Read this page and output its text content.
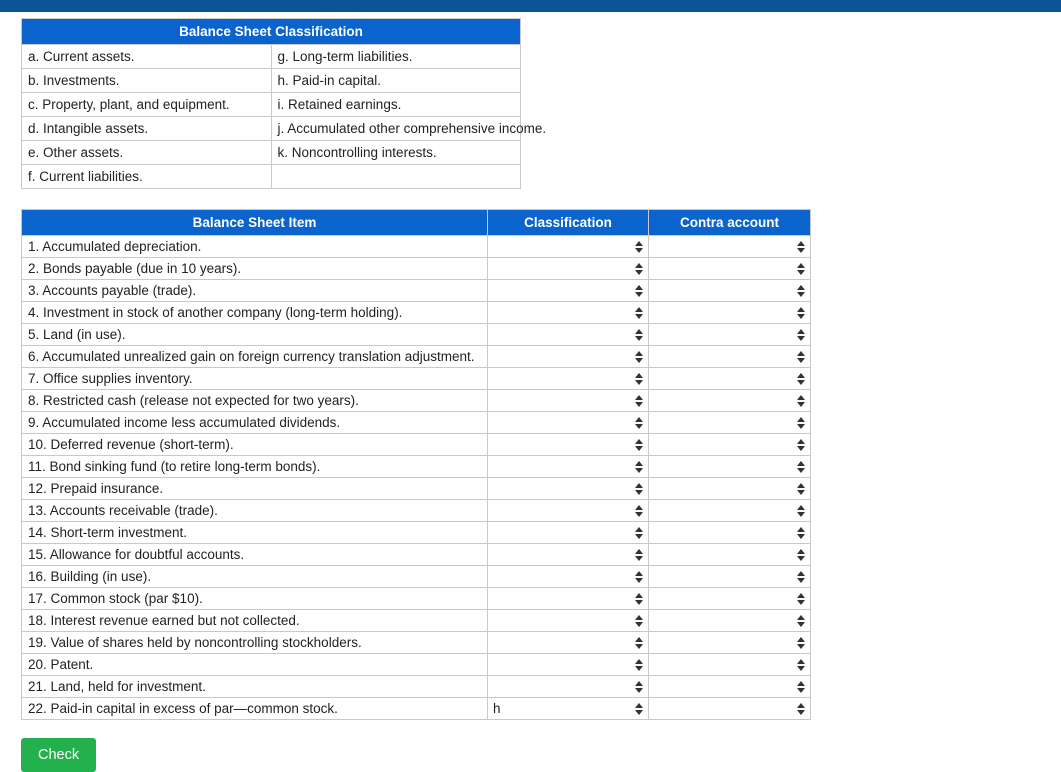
Balance Sheet Classification	
a. Current assets.	g. Long-term liabilities.
b. Investments.	h. Paid-in capital.
c. Property, plant, and equipment.	i. Retained earnings.
d. Intangible assets.	j. Accumulated other comprehensive income.
e. Other assets.	k. Noncontrolling interests.
f. Current liabilities.	
Balance Sheet Item	Classification	Contra account
1. Accumulated depreciation.	

2. Bonds payable (due in 10 years).	

3. Accounts payable (trade).	

4. Investment in stock of another company (long-term holding).	

5. Land (in use).	

6. Accumulated unrealized gain on foreign currency translation adjustment.	

7. Office supplies inventory.	

8. Restricted cash (release not expected for two years).	

9. Accumulated income less accumulated dividends.	

10. Deferred revenue (short-term).	

11. Bond sinking fund (to retire long-term bonds).	

12. Prepaid insurance.	

13. Accounts receivable (trade).	

14. Short-term investment.	

15. Allowance for doubtful accounts.	

16. Building (in use).	

17. Common stock (par $10).	

18. Interest revenue earned but not collected.	

19. Value of shares held by noncontrolling stockholders.	

20. Patent.	

21. Land, held for investment.	

22. Paid-in capital in excess of par—common stock.	h	

Check
